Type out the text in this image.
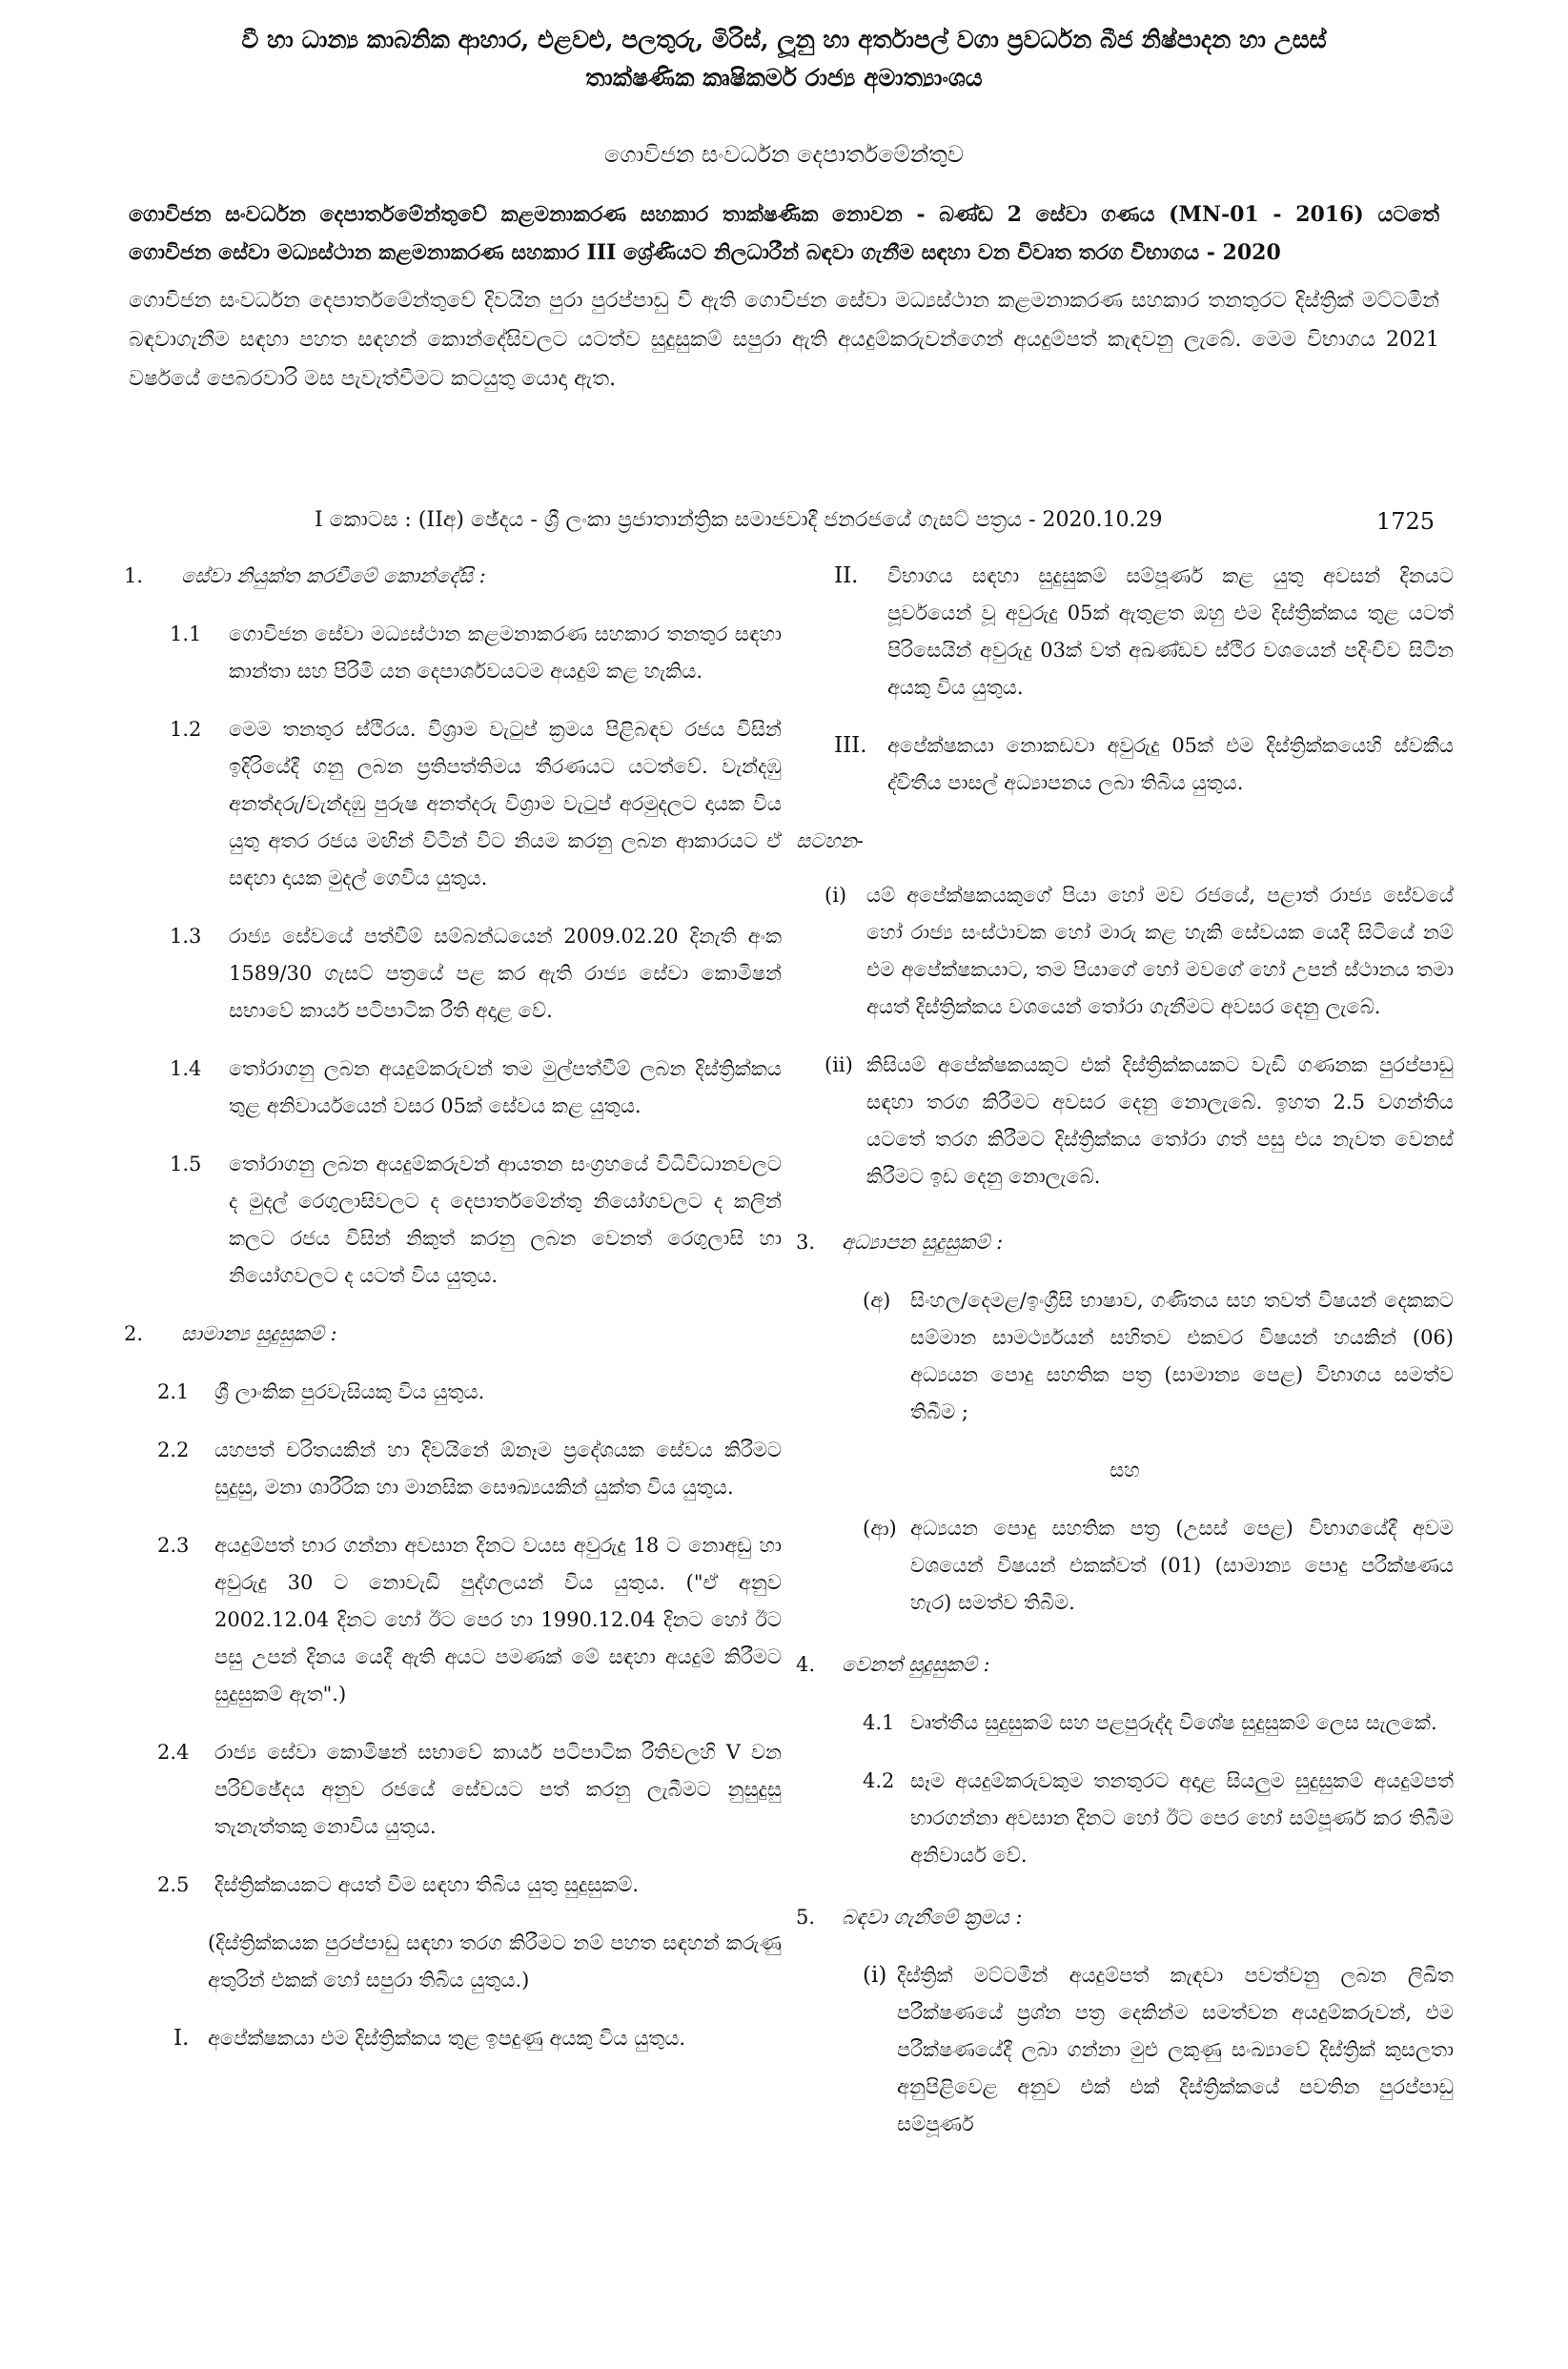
වී හා ධාන්‍ය කාබනික ආහාර, එළවළු, පලතුරු, මිරිස්, ලූනු හා අර්තාපල් වගා ප්‍රවර්ධන බීජ නිෂ්පාදන හා උසස්
තාක්ෂණික කෘෂිකර්ම රාජ්‍ය අමාත්‍යාංශය
ගොවිජන සංවර්ධන දෙපාර්තමේන්තුව
ගොවිජන සංවර්ධන දෙපාර්තමේන්තුවේ කළමනාකරණ සහකාර තාක්ෂණික නොවන - බණ්ඩ 2 සේවා ගණය (MN-01 - 2016) යටතේ
ගොවිජන සේවා මධ්‍යස්ථාන කළමනාකරණ සහකාර III ශ්‍රේණියට නිලධාරීන් බඳවා ගැනීම සඳහා වන විවෘත තරග විභාගය - 2020
ගොවිජන සංවර්ධන දෙපාර්තමේන්තුවේ දිවයින පුරා පුරප්පාඩු වී ඇති ගොවිජන සේවා මධ්‍යස්ථාන කළමනාකරණ සහකාර තනතුරට දිස්ත්‍රික් මට්ටමින් බඳවාගැනීම සඳහා පහත සඳහන් කොන්දේසිවලට යටත්ව සුදුසුකම් සපුරා ඇති අයදුම්කරුවන්ගෙන් අයදුම්පත් කැඳවනු ලැබේ. මෙම විභාගය 2021 වර්ෂයේ පෙබරවාරි මස පැවැත්වීමට කටයුතු යොදා ඇත.
I කොටස : (IIඅ) ඡේදය - ශ්‍රී ලංකා ප්‍රජාතාන්ත්‍රික සමාජවාදී ජනරජයේ ගැසට් පත්‍රය - 2020.10.29	1725
1.	සේවා නියුක්ත කරවීමේ කොන්දේසි :
1.1	ගොවිජන සේවා මධ්‍යස්ථාන කළමනාකරණ සහකාර තනතුර සඳහා කාන්තා සහ පිරිමි යන දෙපාර්ශවයටම අයදුම් කළ හැකිය.
1.2	මෙම තනතුර ස්ථිරය. විශ්‍රාම වැටුප් ක්‍රමය පිළිබඳව රජය විසින් ඉදිරියේදී ගනු ලබන ප්‍රතිපත්තිමය තීරණයට යටත්වේ. වැන්දඹු අනත්දරු/වැන්දඹු පුරුෂ අනත්දරු විශ්‍රාම වැටුප් අරමුදලට දායක විය යුතු අතර රජය මඟින් විටින් විට නියම කරනු ලබන ආකාරයට ඒ සඳහා දායක මුදල් ගෙවිය යුතුය.
1.3	රාජ්‍ය සේවයේ පත්වීම් සම්බන්ධයෙන් 2009.02.20 දිනැති අංක 1589/30 ගැසට් පත්‍රයේ පළ කර ඇති රාජ්‍ය සේවා කොමිෂන් සභාවේ කාර්ය පටිපාටික රීති අදාළ වේ.
1.4	තෝරාගනු ලබන අයදුම්කරුවන් තම මුල්පත්වීම් ලබන දිස්ත්‍රික්කය තුළ අනිවාර්යයෙන් වසර 05ක් සේවය කළ යුතුය.
1.5	තෝරාගනු ලබන අයදුම්කරුවන් ආයතන සංග්‍රහයේ විධිවිධානවලට ද මුදල් රෙගුලාසිවලට ද දෙපාර්තමේන්තු නියෝගවලට ද කලින් කලට රජය විසින් නිකුත් කරනු ලබන වෙනත් රෙගුලාසි හා නියෝගවලට ද යටත් විය යුතුය.
2.	සාමාන්‍ය සුදුසුකම් :
2.1	ශ්‍රී ලාංකික පුරවැසියකු විය යුතුය.
2.2	යහපත් චරිතයකින් හා දිවයිනේ ඕනෑම ප්‍රදේශයක සේවය කිරීමට සුදුසු, මනා ශාරීරික හා මානසික සෞඛ්‍යයකින් යුක්ත විය යුතුය.
2.3	අයදුම්පත් භාර ගන්නා අවසාන දිනට වයස අවුරුදු 18 ට නොඅඩු හා අවුරුදු 30 ට නොවැඩි පුද්ගලයන් විය යුතුය. ("ඒ අනුව 2002.12.04 දිනට හෝ ඊට පෙර හා 1990.12.04 දිනට හෝ ඊට පසු උපන් දිනය යෙදී ඇති අයට පමණක් මේ සඳහා අයදුම් කිරීමට සුදුසුකම් ඇත".)
2.4	රාජ්‍ය සේවා කොමිෂන් සභාවේ කාර්ය පටිපාටික රීතිවලහි V වන පරිච්ඡේදය අනුව රජයේ සේවයට පත් කරනු ලැබීමට නුසුදුසු තැනැත්තකු නොවිය යුතුය.
2.5	දිස්ත්‍රික්කයකට අයත් වීම සඳහා තිබිය යුතු සුදුසුකම්.
(දිස්ත්‍රික්කයක පුරප්පාඩු සඳහා තරග කිරීමට නම් පහත සඳහන් කරුණු අතුරින් එකක් හෝ සපුරා තිබිය යුතුය.)
I. අපේක්ෂකයා එම දිස්ත්‍රික්කය තුළ ඉපදුණු අයකු විය යුතුය.
II.	විභාගය සඳහා සුදුසුකම් සම්පූර්ණ කළ යුතු අවසන් දිනයට පූර්වයෙන් වූ අවුරුදු 05ක් ඇතුළත ඔහු එම දිස්ත්‍රික්කය තුළ යටත් පිරිසෙයින් අවුරුදු 03ක් වත් අඛණ්ඩව ස්ථිර වශයෙන් පදිංචිව සිටින අයකු විය යුතුය.
III.	අපේක්ෂකයා නොකඩවා අවුරුදු 05ක් එම දිස්ත්‍රික්කයෙහි ස්වකීය ද්විතීය පාසල් අධ්‍යාපනය ලබා තිබිය යුතුය.
සටහන-
(i) යම් අපේක්ෂකයකුගේ පියා හෝ මව රජයේ, පළාත් රාජ්‍ය සේවයේ හෝ රාජ්‍ය සංස්ථාවක හෝ මාරු කළ හැකි සේවයක යෙදී සිටියේ නම් එම අපේක්ෂකයාට, තම පියාගේ හෝ මවගේ හෝ උපන් ස්ථානය තමා අයත් දිස්ත්‍රික්කය වශයෙන් තෝරා ගැනීමට අවසර දෙනු ලැබේ.
(ii) කිසියම් අපේක්ෂකයකුට එක් දිස්ත්‍රික්කයකට වැඩි ගණනක පුරප්පාඩු සඳහා තරග කිරීමට අවසර දෙනු නොලැබේ. ඉහත 2.5 වගන්තිය යටතේ තරග කිරීමට දිස්ත්‍රික්කය තෝරා ගත් පසු එය නැවත වෙනස් කිරීමට ඉඩ දෙනු නොලැබේ.
3.	අධ්‍යාපන සුදුසුකම් :
(අ) සිංහල/දෙමළ/ඉංග්‍රීසි භාෂාව, ගණිතය සහ තවත් විෂයන් දෙකකට සම්මාන සාමර්ථ්‍යයන් සහිතව එකවර විෂයන් හයකින් (06) අධ්‍යයන පොදු සහතික පත්‍ර (සාමාන්‍ය පෙළ) විභාගය සමත්ව තිබීම ;
සහ
(ආ) අධ්‍යයන පොදු සහතික පත්‍ර (උසස් පෙළ) විභාගයේදී අවම වශයෙන් විෂයන් එකක්වත් (01) (සාමාන්‍ය පොදු පරීක්ෂණය හැර) සමත්ව තිබීම.
4.	වෙනත් සුදුසුකම් :
4.1 වෘත්තීය සුදුසුකම් සහ පළපුරුද්ද විශේෂ සුදුසුකම් ලෙස සැලකේ.
4.2 සෑම අයදුම්කරුවකුම තනතුරට අදාළ සියලුම සුදුසුකම් අයදුම්පත් භාරගන්නා අවසාන දිනට හෝ ඊට පෙර හෝ සම්පූර්ණ කර තිබීම අනිවාර්ය වේ.
5.	බඳවා ගැනීමේ ක්‍රමය :
(i) දිස්ත්‍රික් මට්ටමින් අයදුම්පත් කැඳවා පවත්වනු ලබන ලිඛිත පරීක්ෂණයේ ප්‍රශ්න පත්‍ර දෙකින්ම සමත්වන අයදුම්කරුවන්, එම පරීක්ෂණයේදී ලබා ගන්නා මුළු ලකුණු සංඛ්‍යාවේ දිස්ත්‍රික් කුසලතා අනුපිළිවෙළ අනුව එක් එක් දිස්ත්‍රික්කයේ පවතින පුරප්පාඩු සම්පූර්ණ
